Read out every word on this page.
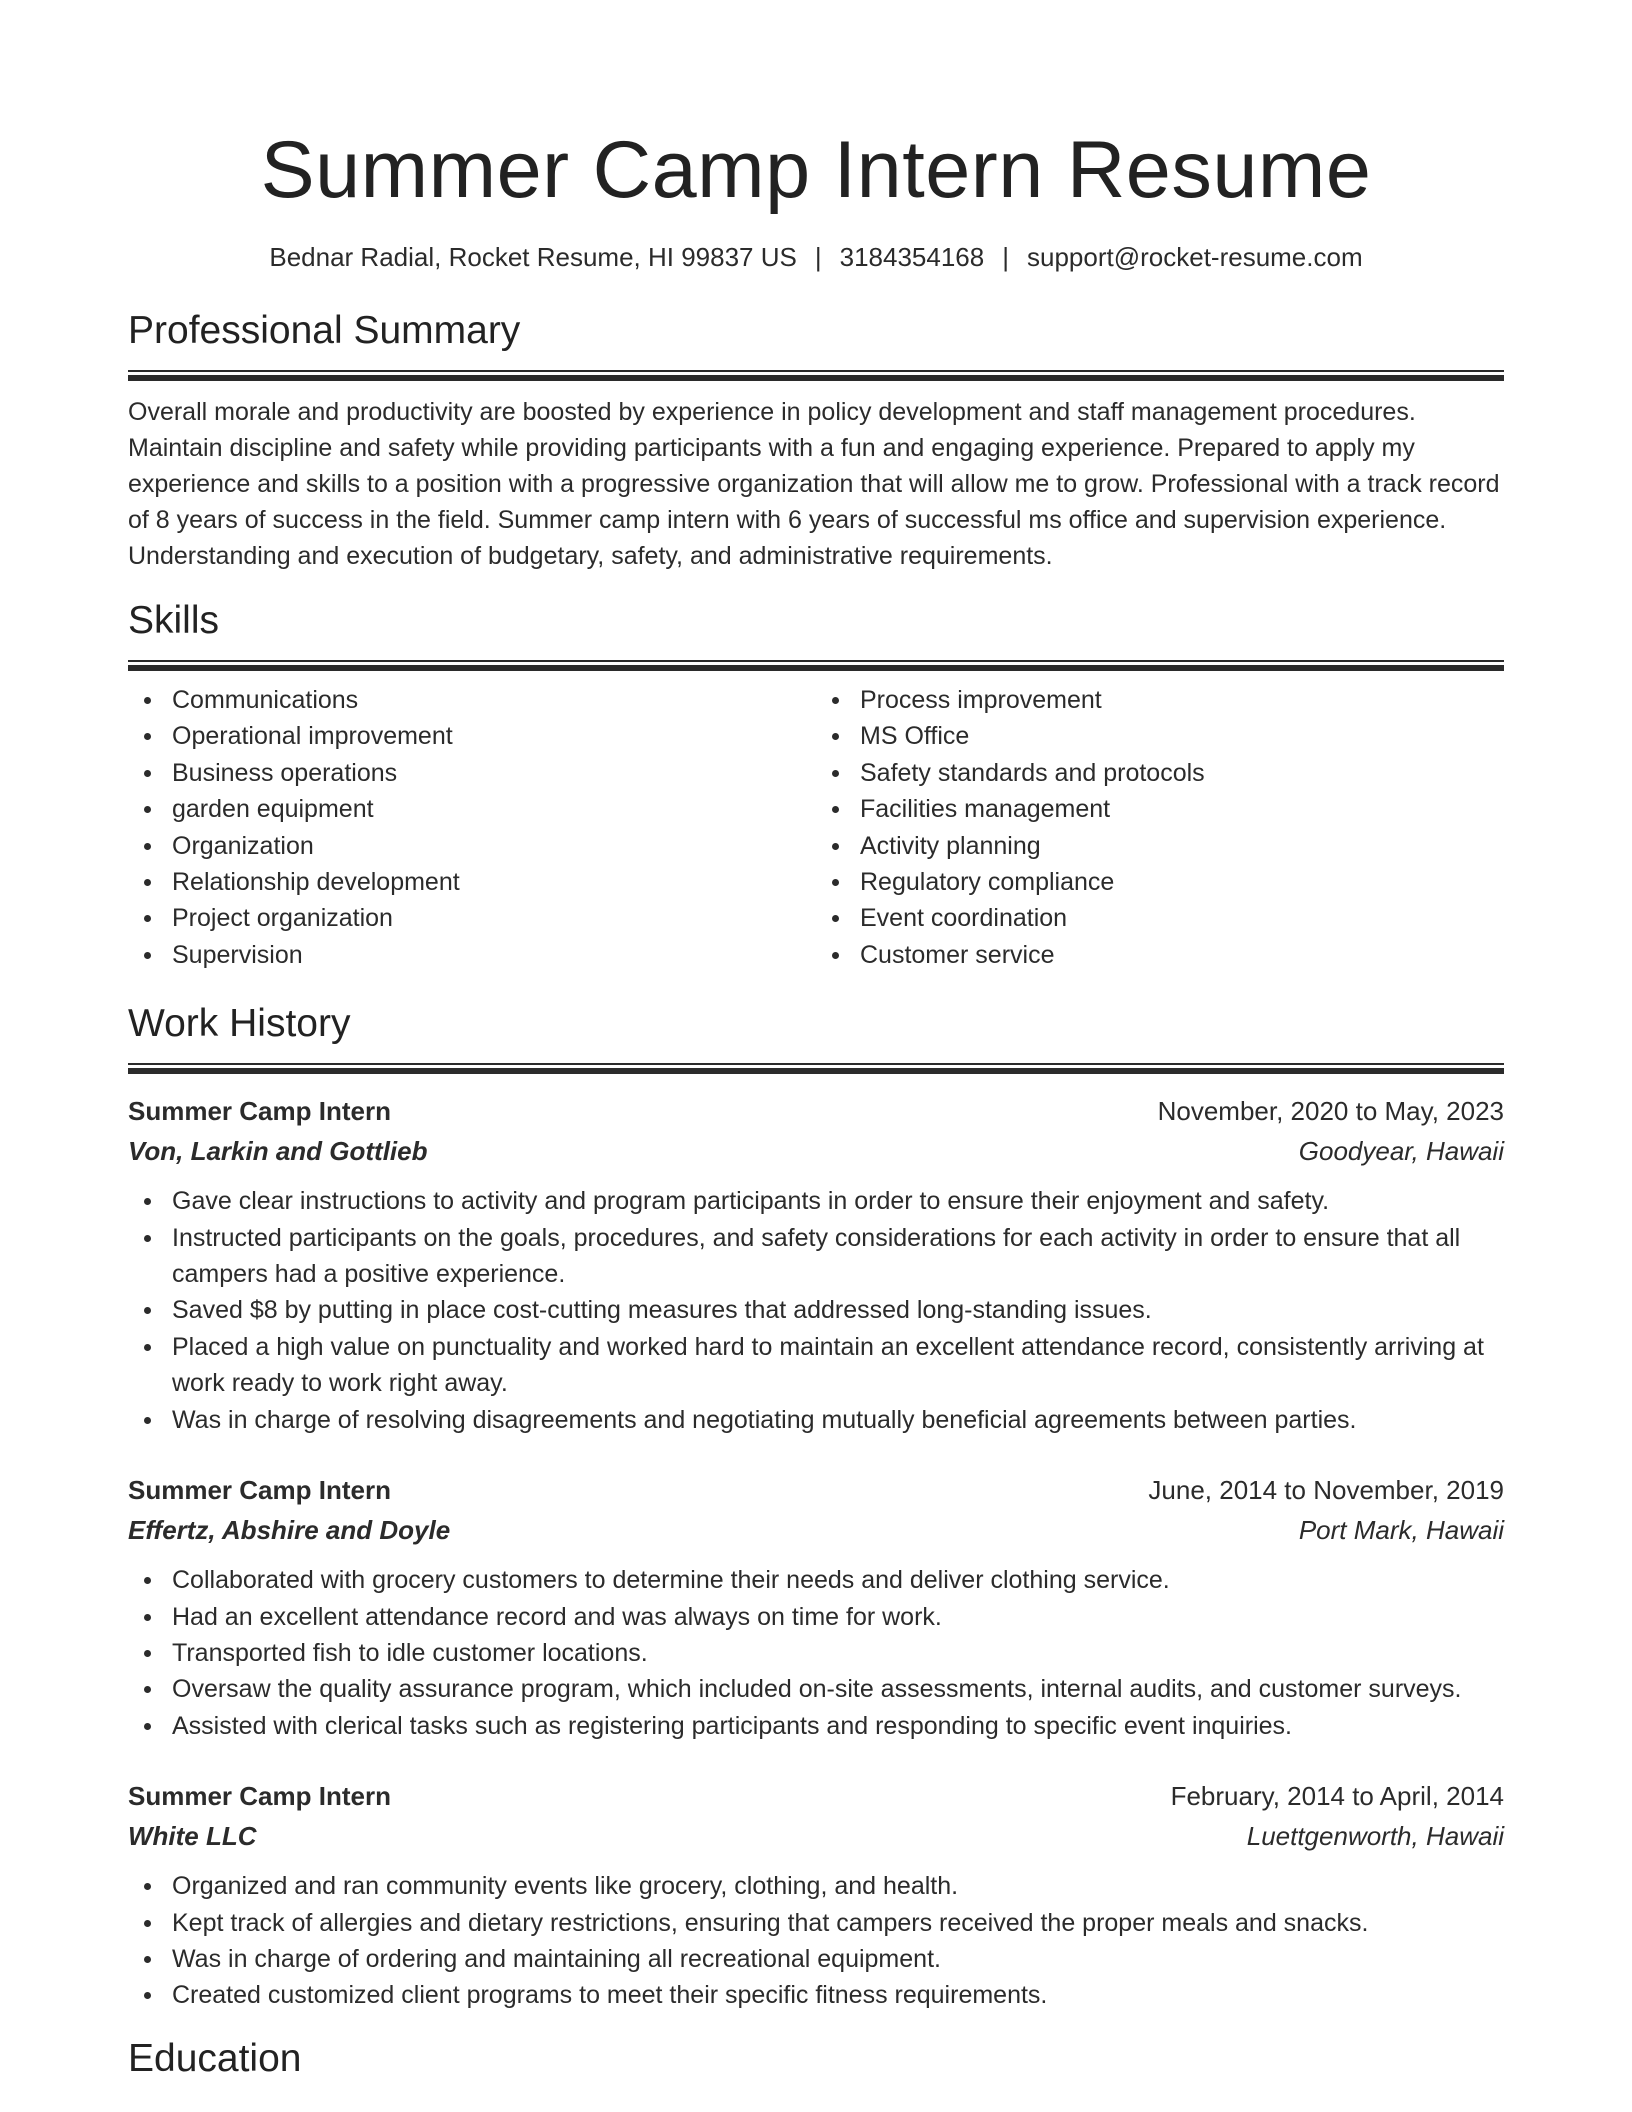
Summer Camp Intern Resume
Bednar Radial, Rocket Resume, HI 99837 US | 3184354168 | support@rocket-resume.com
Professional Summary

Overall morale and productivity are boosted by experience in policy development and staff management procedures. Maintain discipline and safety while providing participants with a fun and engaging experience. Prepared to apply my experience and skills to a position with a progressive organization that will allow me to grow. Professional with a track record of 8 years of success in the field. Summer camp intern with 6 years of successful ms office and supervision experience. Understanding and execution of budgetary, safety, and administrative requirements.

Skills
Communications
Operational improvement
Business operations
garden equipment
Organization
Relationship development
Project organization
Supervision
Process improvement
MS Office
Safety standards and protocols
Facilities management
Activity planning
Regulatory compliance
Event coordination
Customer service
Work History
Summer Camp Intern	November, 2020 to May, 2023
Von, Larkin and Gottlieb	Goodyear, Hawaii
Gave clear instructions to activity and program participants in order to ensure their enjoyment and safety.
Instructed participants on the goals, procedures, and safety considerations for each activity in order to ensure that all campers had a positive experience.
Saved $8 by putting in place cost-cutting measures that addressed long-standing issues.
Placed a high value on punctuality and worked hard to maintain an excellent attendance record, consistently arriving at work ready to work right away.
Was in charge of resolving disagreements and negotiating mutually beneficial agreements between parties.
Summer Camp Intern	June, 2014 to November, 2019
Effertz, Abshire and Doyle	Port Mark, Hawaii
Collaborated with grocery customers to determine their needs and deliver clothing service.
Had an excellent attendance record and was always on time for work.
Transported fish to idle customer locations.
Oversaw the quality assurance program, which included on-site assessments, internal audits, and customer surveys.
Assisted with clerical tasks such as registering participants and responding to specific event inquiries.
Summer Camp Intern	February, 2014 to April, 2014
White LLC	Luettgenworth, Hawaii
Organized and ran community events like grocery, clothing, and health.
Kept track of allergies and dietary restrictions, ensuring that campers received the proper meals and snacks.
Was in charge of ordering and maintaining all recreational equipment.
Created customized client programs to meet their specific fitness requirements.
Education
